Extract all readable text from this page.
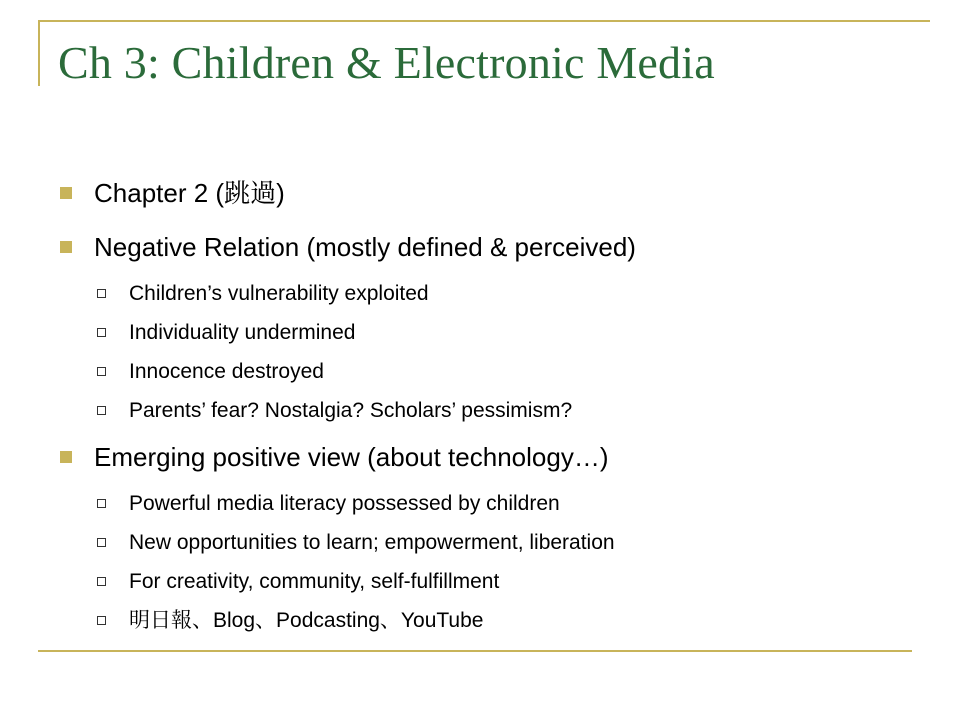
Ch 3: Children & Electronic Media
Chapter 2 (跳過)
Negative Relation (mostly defined & perceived)
Children’s vulnerability exploited
Individuality undermined
Innocence destroyed
Parents’ fear? Nostalgia? Scholars’ pessimism?
Emerging positive view (about technology…)
Powerful media literacy possessed by children
New opportunities to learn; empowerment, liberation
For creativity, community, self-fulfillment
明日報、Blog、Podcasting、YouTube
